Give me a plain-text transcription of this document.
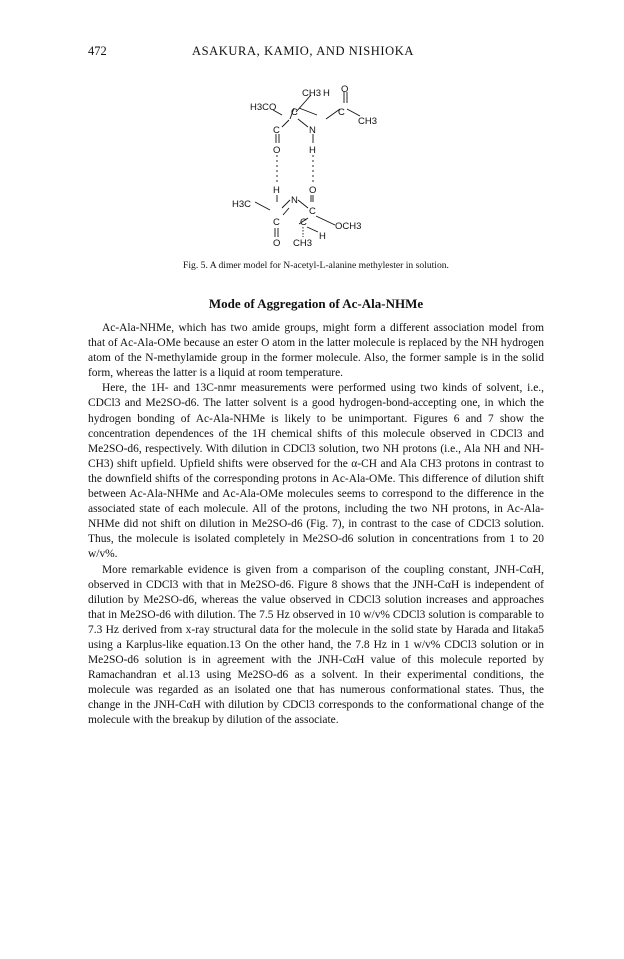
472	ASAKURA, KAMIO, AND NISHIOKA
CH3 H O
H3CO C	C
C	N
CH3
O	H
H	O
H3C	N
C
C C	OCH3
O CH3
H
Fig. 5. A dimer model for N-acetyl-L-alanine methylester in solution.
Mode of Aggregation of Ac-Ala-NHMe

Ac-Ala-NHMe, which has two amide groups, might form a different association model from that of Ac-Ala-OMe because an ester O atom in the latter molecule is replaced by the NH hydrogen atom of the N-methylamide group in the former molecule. Also, the former sample is in the solid form, whereas the latter is a liquid at room temperature.

Here, the 1H- and 13C-nmr measurements were performed using two kinds of solvent, i.e., CDCl3 and Me2SO-d6. The latter solvent is a good hydrogen-bond-accepting one, in which the hydrogen bonding of Ac-Ala-NHMe is likely to be unimportant. Figures 6 and 7 show the concentration dependences of the 1H chemical shifts of this molecule observed in CDCl3 and Me2SO-d6, respectively. With dilution in CDCl3 solution, two NH protons (i.e., Ala NH and NH-CH3) shift upfield. Upfield shifts were observed for the α-CH and Ala CH3 protons in contrast to the downfield shifts of the corresponding protons in Ac-Ala-OMe. This difference of dilution shift between Ac-Ala-NHMe and Ac-Ala-OMe molecules seems to correspond to the difference in the associated state of each molecule. All of the protons, including the two NH protons, in Ac-Ala-NHMe did not shift on dilution in Me2SO-d6 (Fig. 7), in contrast to the case of CDCl3 solution. Thus, the molecule is isolated completely in Me2SO-d6 solution in concentrations from 1 to 20 w/v%.

More remarkable evidence is given from a comparison of the coupling constant, JNH-CαH, observed in CDCl3 with that in Me2SO-d6. Figure 8 shows that the JNH-CαH is independent of dilution by Me2SO-d6, whereas the value observed in CDCl3 solution increases and approaches that in Me2SO-d6 with dilution. The 7.5 Hz observed in 10 w/v% CDCl3 solution is comparable to 7.3 Hz derived from x-ray structural data for the molecule in the solid state by Harada and Iitaka5 using a Karplus-like equation.13 On the other hand, the 7.8 Hz in 1 w/v% CDCl3 solution or in Me2SO-d6 solution is in agreement with the JNH-CαH value of this molecule reported by Ramachandran et al.13 using Me2SO-d6 as a solvent. In their experimental conditions, the molecule was regarded as an isolated one that has numerous conformational states. Thus, the change in the JNH-CαH with dilution by CDCl3 corresponds to the conformational change of the molecule with the breakup by dilution of the associate.
